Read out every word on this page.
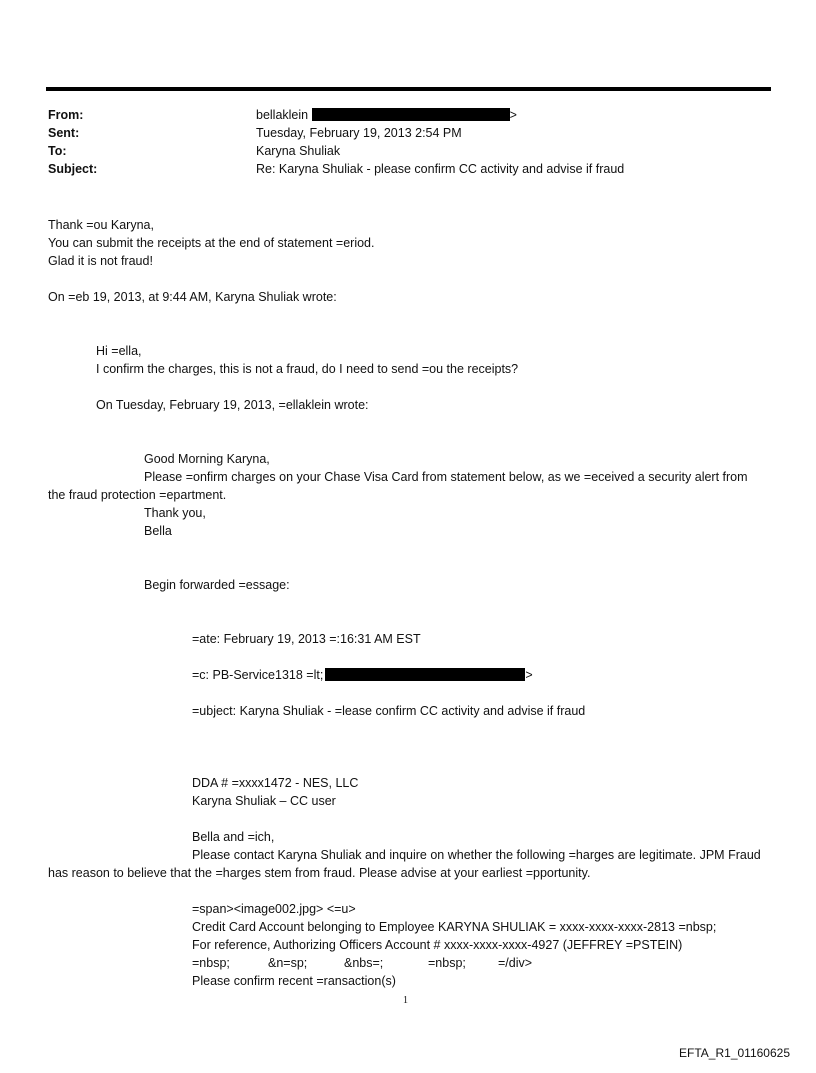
From:	bellaklein	>
Sent:	Tuesday, February 19, 2013 2:54 PM
To:	Karyna Shuliak
Subject:	Re: Karyna Shuliak - please confirm CC activity and advise if fraud
Thank =ou Karyna,
You can submit the receipts at the end of statement =eriod.
Glad it is not fraud!
On =eb 19, 2013, at 9:44 AM, Karyna Shuliak wrote:
Hi =ella,
I confirm the charges, this is not a fraud, do I need to send =ou the receipts?
On Tuesday, February 19, 2013, =ellaklein wrote:
Good Morning Karyna,
Please =onfirm charges on your Chase Visa Card from statement below, as we =eceived a security alert from the fraud protection =epartment.
Thank you,
Bella
Begin forwarded =essage:
=ate: February 19, 2013 =:16:31 AM EST
=c: PB-Service1318 =lt;	>
=ubject: Karyna Shuliak - =lease confirm CC activity and advise if fraud
DDA # =xxxx1472 - NES, LLC
Karyna Shuliak – CC user
Bella and =ich,
Please contact Karyna Shuliak and inquire on whether the following =harges are legitimate. JPM Fraud has reason to believe that the =harges stem from fraud. Please advise at your earliest =pportunity.
=span><image002.jpg> <=u>
Credit Card Account belonging to Employee KARYNA SHULIAK = xxxx-xxxx-xxxx-2813 =nbsp;
For reference, Authorizing Officers Account # xxxx-xxxx-xxxx-4927 (JEFFREY =PSTEIN)
=nbsp;	&n=sp;	&nbs=;	=nbsp;	=/div>
Please confirm recent =ransaction(s)
1
EFTA_R1_01160625
